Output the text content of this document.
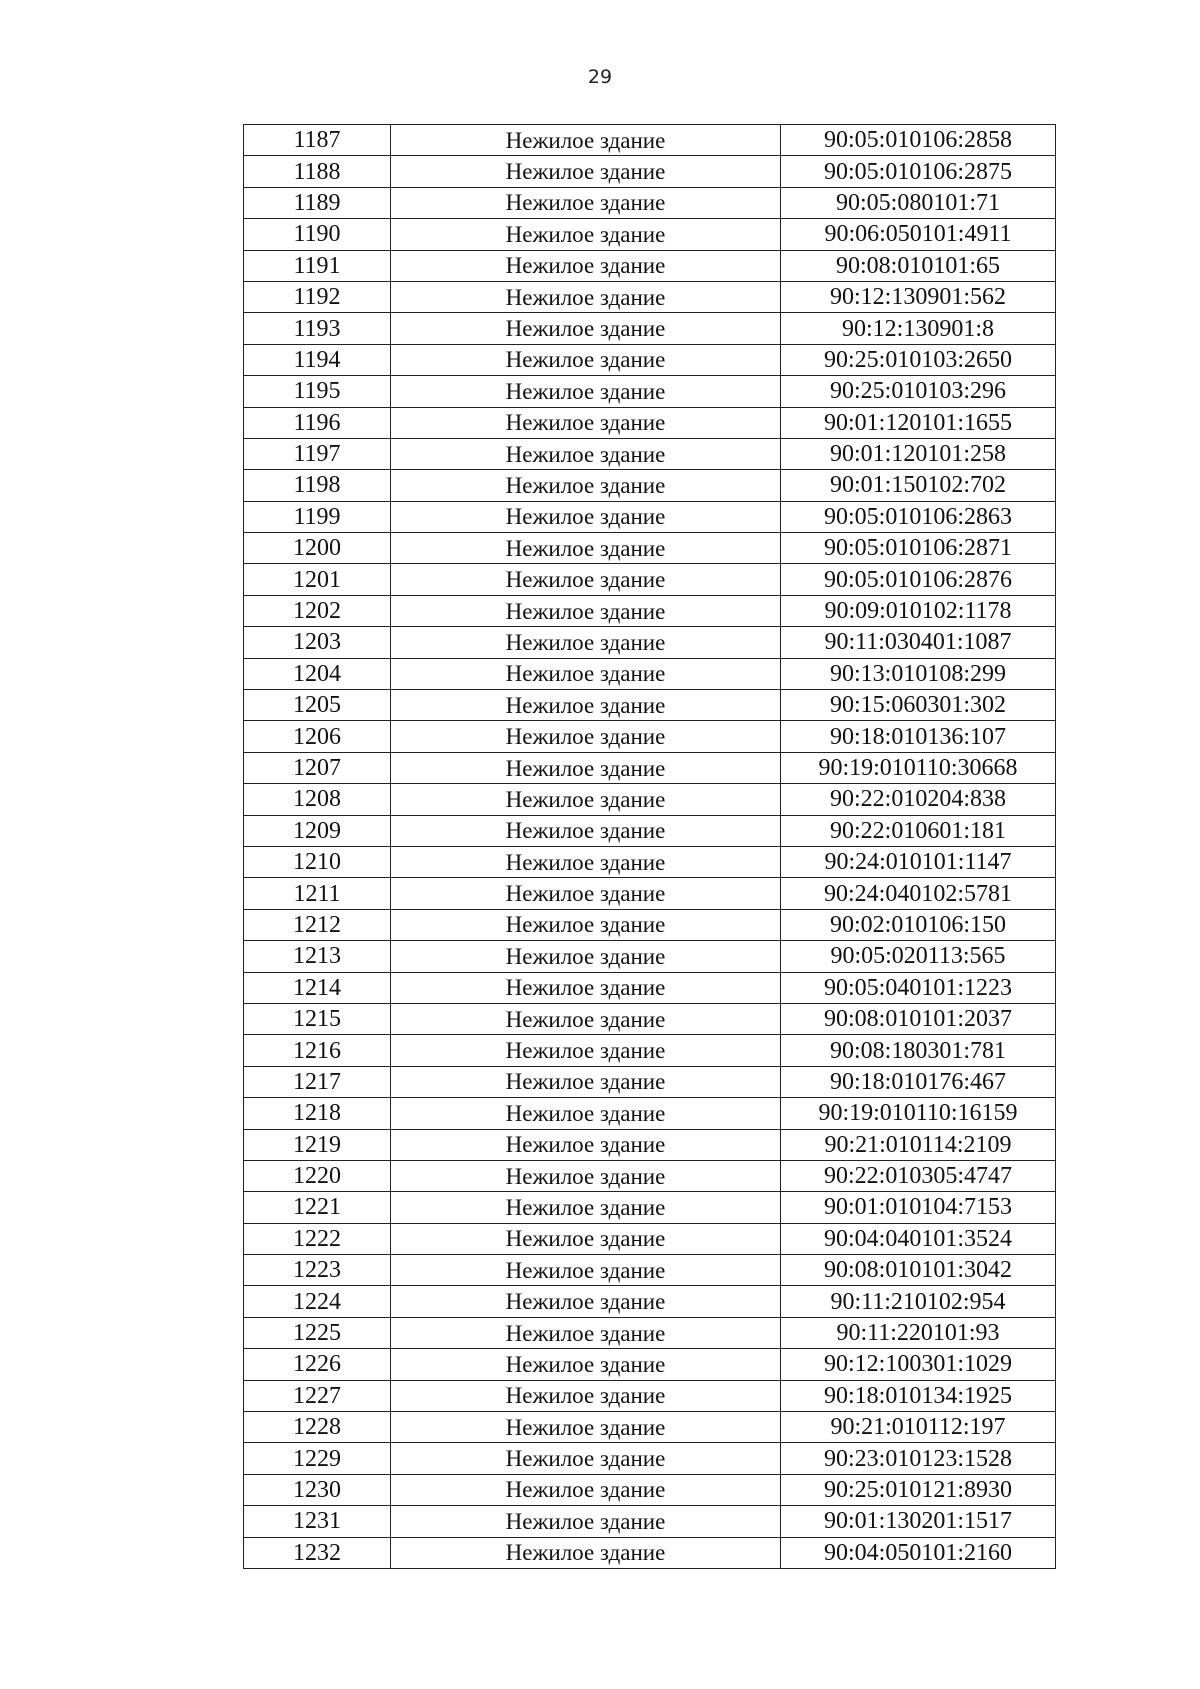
29
1187	Нежилое здание	90:05:010106:2858
1188	Нежилое здание	90:05:010106:2875
1189	Нежилое здание	90:05:080101:71
1190	Нежилое здание	90:06:050101:4911
1191	Нежилое здание	90:08:010101:65
1192	Нежилое здание	90:12:130901:562
1193	Нежилое здание	90:12:130901:8
1194	Нежилое здание	90:25:010103:2650
1195	Нежилое здание	90:25:010103:296
1196	Нежилое здание	90:01:120101:1655
1197	Нежилое здание	90:01:120101:258
1198	Нежилое здание	90:01:150102:702
1199	Нежилое здание	90:05:010106:2863
1200	Нежилое здание	90:05:010106:2871
1201	Нежилое здание	90:05:010106:2876
1202	Нежилое здание	90:09:010102:1178
1203	Нежилое здание	90:11:030401:1087
1204	Нежилое здание	90:13:010108:299
1205	Нежилое здание	90:15:060301:302
1206	Нежилое здание	90:18:010136:107
1207	Нежилое здание	90:19:010110:30668
1208	Нежилое здание	90:22:010204:838
1209	Нежилое здание	90:22:010601:181
1210	Нежилое здание	90:24:010101:1147
1211	Нежилое здание	90:24:040102:5781
1212	Нежилое здание	90:02:010106:150
1213	Нежилое здание	90:05:020113:565
1214	Нежилое здание	90:05:040101:1223
1215	Нежилое здание	90:08:010101:2037
1216	Нежилое здание	90:08:180301:781
1217	Нежилое здание	90:18:010176:467
1218	Нежилое здание	90:19:010110:16159
1219	Нежилое здание	90:21:010114:2109
1220	Нежилое здание	90:22:010305:4747
1221	Нежилое здание	90:01:010104:7153
1222	Нежилое здание	90:04:040101:3524
1223	Нежилое здание	90:08:010101:3042
1224	Нежилое здание	90:11:210102:954
1225	Нежилое здание	90:11:220101:93
1226	Нежилое здание	90:12:100301:1029
1227	Нежилое здание	90:18:010134:1925
1228	Нежилое здание	90:21:010112:197
1229	Нежилое здание	90:23:010123:1528
1230	Нежилое здание	90:25:010121:8930
1231	Нежилое здание	90:01:130201:1517
1232	Нежилое здание	90:04:050101:2160
